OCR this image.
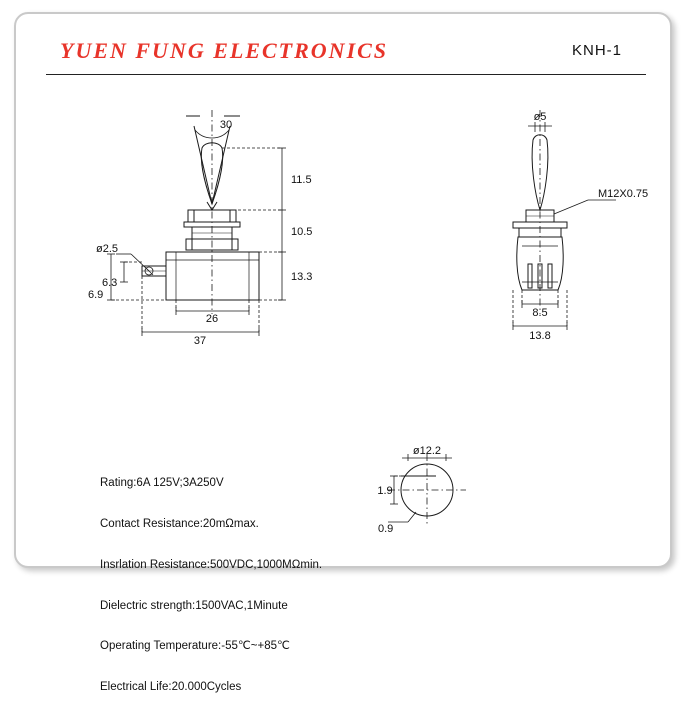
YUEN FUNG ELECTRONICS	KNH-1
30
11.5
10.5
13.3
26
37
ø2.5
6.3
6.9
ø5
M12X0.75
8.5
13.8
ø12.2
1.9
0.9

Rating:6A 125V;3A250V

Contact Resistance:20mΩmax.

Insrlation Resistance:500VDC,1000MΩmin.

Dielectric strength:1500VAC,1Minute

Operating Temperature:-55℃~+85℃

Electrical Life:20.000Cycles
